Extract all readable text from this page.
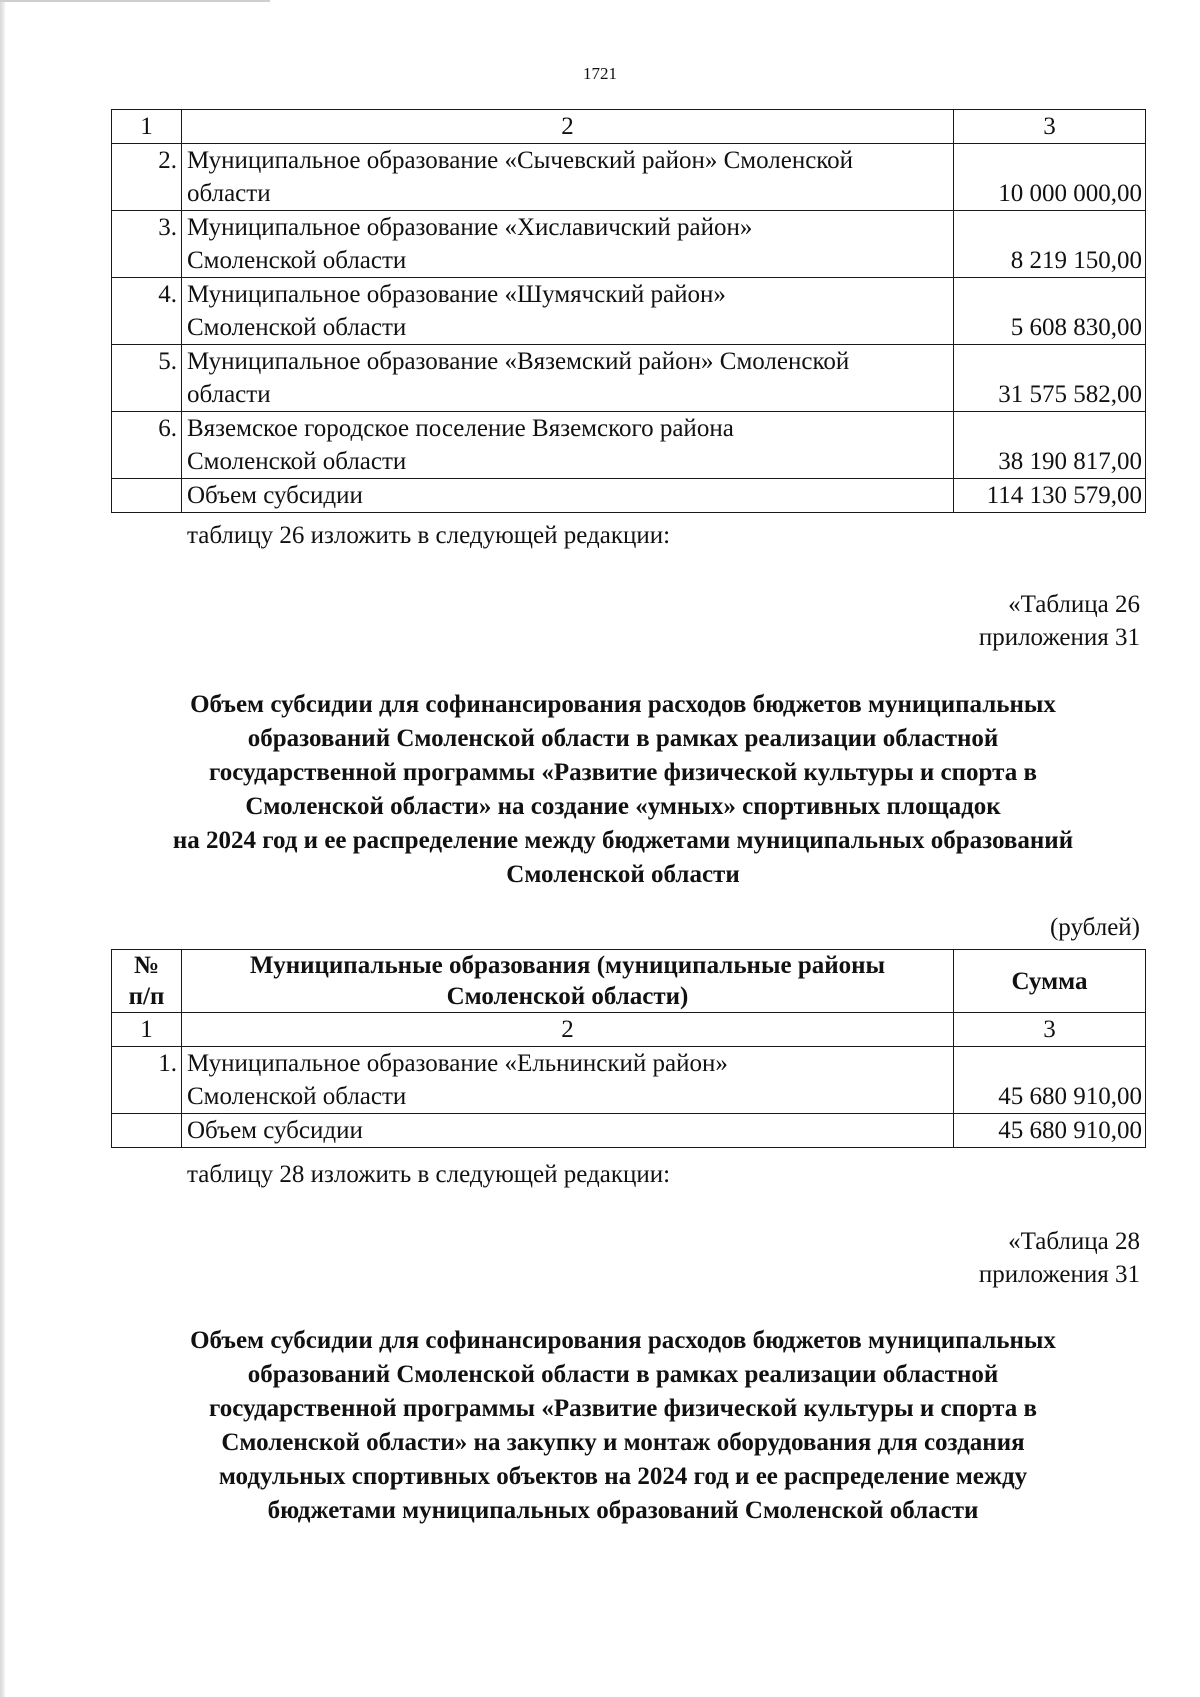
1721
1	2	3
2.	Муниципальное образование «Сычевский район» Смоленской
области	10 000 000,00
3.	Муниципальное образование «Хиславичский район»
Смоленской области	8 219 150,00
4.	Муниципальное образование «Шумячский район»
Смоленской области	5 608 830,00
5.	Муниципальное образование «Вяземский район» Смоленской
области	31 575 582,00
6.	Вяземское городское поселение Вяземского района
Смоленской области	38 190 817,00
	Объем субсидии	114 130 579,00
таблицу 26 изложить в следующей редакции:
«Таблица 26
приложения 31
Объем субсидии для софинансирования расходов бюджетов муниципальных
образований Смоленской области в рамках реализации областной
государственной программы «Развитие физической культуры и спорта в
Смоленской области» на создание «умных» спортивных площадок
на 2024 год и ее распределение между бюджетами муниципальных образований
Смоленской области
(рублей)
№
п/п	Муниципальные образования (муниципальные районы
Смоленской области)	Сумма
1	2	3
1.	Муниципальное образование «Ельнинский район»
Смоленской области	45 680 910,00
	Объем субсидии	45 680 910,00
таблицу 28 изложить в следующей редакции:
«Таблица 28
приложения 31
Объем субсидии для софинансирования расходов бюджетов муниципальных
образований Смоленской области в рамках реализации областной
государственной программы «Развитие физической культуры и спорта в
Смоленской области» на закупку и монтаж оборудования для создания
модульных спортивных объектов на 2024 год и ее распределение между
бюджетами муниципальных образований Смоленской области
